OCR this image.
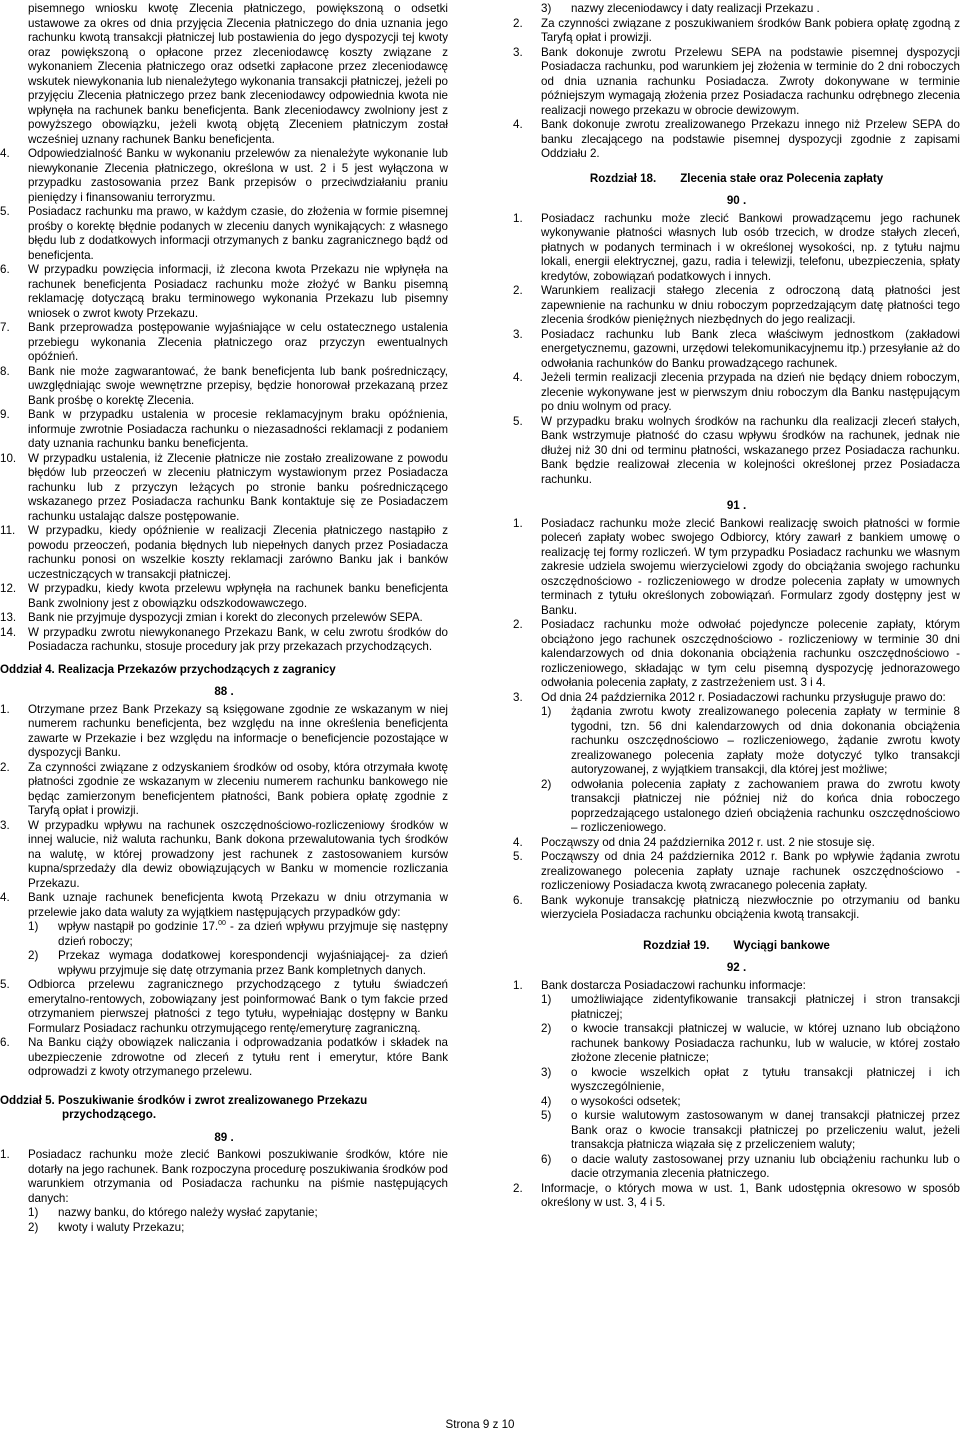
pisemnego wniosku kwotę Zlecenia płatniczego, powiększoną o odsetki ustawowe za okres od dnia przyjęcia Zlecenia płatniczego do dnia uznania jego rachunku kwotą transakcji płatniczej lub postawienia do jego dyspozycji tej kwoty oraz powiększoną o opłacone przez zleceniodawcę koszty związane z wykonaniem Zlecenia płatniczego oraz odsetki zapłacone przez zleceniodawcę wskutek niewykonania lub nienależytego wykonania transakcji płatniczej, jeżeli po przyjęciu Zlecenia płatniczego przez bank zleceniodawcy odpowiednia kwota nie wpłynęła na rachunek banku beneficjenta. Bank zleceniodawcy zwolniony jest z powyższego obowiązku, jeżeli kwotą objętą Zleceniem płatniczym został wcześniej uznany rachunek Banku beneficjenta.

4. Odpowiedzialność Banku w wykonaniu przelewów za nienależyte wykonanie lub niewykonanie Zlecenia płatniczego, określona w ust. 2 i 5 jest wyłączona w przypadku zastosowania przez Bank przepisów o przeciwdziałaniu praniu pieniędzy i finansowaniu terroryzmu.
5. Posiadacz rachunku ma prawo, w każdym czasie, do złożenia w formie pisemnej prośby o korektę błędnie podanych w zleceniu danych wynikających: z własnego błędu lub z dodatkowych informacji otrzymanych z banku zagranicznego bądź od beneficjenta.
6. W przypadku powzięcia informacji, iż zlecona kwota Przekazu nie wpłynęła na rachunek beneficjenta Posiadacz rachunku może złożyć w Banku pisemną reklamację dotyczącą braku terminowego wykonania Przekazu lub pisemny wniosek o zwrot kwoty Przekazu.
7. Bank przeprowadza postępowanie wyjaśniające w celu ostatecznego ustalenia przebiegu wykonania Zlecenia płatniczego oraz przyczyn ewentualnych opóźnień.
8. Bank nie może zagwarantować, że bank beneficjenta lub bank pośredniczący, uwzględniając swoje wewnętrzne przepisy, będzie honorował przekazaną przez Bank prośbę o korektę Zlecenia.
9. Bank w przypadku ustalenia w procesie reklamacyjnym braku opóźnienia, informuje zwrotnie Posiadacza rachunku o niezasadności reklamacji z podaniem daty uznania rachunku banku beneficjenta.
10. W przypadku ustalenia, iż Zlecenie płatnicze nie zostało zrealizowane z powodu błędów lub przeoczeń w zleceniu płatniczym wystawionym przez Posiadacza rachunku lub z przyczyn leżących po stronie banku pośredniczącego wskazanego przez Posiadacza rachunku Bank kontaktuje się ze Posiadaczem rachunku ustalając dalsze postępowanie.
11. W przypadku, kiedy opóźnienie w realizacji Zlecenia płatniczego nastąpiło z powodu przeoczeń, podania błędnych lub niepełnych danych przez Posiadacza rachunku ponosi on wszelkie koszty reklamacji zarówno Banku jak i banków uczestniczących w transakcji płatniczej.
12. W przypadku, kiedy kwota przelewu wpłynęła na rachunek banku beneficjenta Bank zwolniony jest z obowiązku odszkodowawczego.
13. Bank nie przyjmuje dyspozycji zmian i korekt do zleconych przelewów SEPA.
14. W przypadku zwrotu niewykonanego Przekazu Bank, w celu zwrotu środków do Posiadacza rachunku, stosuje procedury jak przy przekazach przychodzących.
Oddział 4. Realizacja Przekazów przychodzących z zagranicy
88 .
1. Otrzymane przez Bank Przekazy są księgowane zgodnie ze wskazanym w niej numerem rachunku beneficjenta, bez względu na inne określenia beneficjenta zawarte w Przekazie i bez względu na informacje o beneficjencie pozostające w dyspozycji Banku.
2. Za czynności związane z odzyskaniem środków od osoby, która otrzymała kwotę płatności zgodnie ze wskazanym w zleceniu numerem rachunku bankowego nie będąc zamierzonym beneficjentem płatności, Bank pobiera opłatę zgodnie z Taryfą opłat i prowizji.
3. W przypadku wpływu na rachunek oszczędnościowo-rozliczeniowy środków w innej walucie, niż waluta rachunku, Bank dokona przewalutowania tych środków na walutę, w której prowadzony jest rachunek z zastosowaniem kursów kupna/sprzedaży dla dewiz obowiązujących w Banku w momencie rozliczania Przekazu.
4. Bank uznaje rachunek beneficjenta kwotą Przekazu w dniu otrzymania w przelewie jako data waluty za wyjątkiem następujących przypadków gdy:
1) wpływ nastąpił po godzinie 17.00 - za dzień wpływu przyjmuje się następny dzień roboczy;
2) Przekaz wymaga dodatkowej korespondencji wyjaśniającej- za dzień wpływu przyjmuje się datę otrzymania przez Bank kompletnych danych.
5. Odbiorca przelewu zagranicznego przychodzącego z tytułu świadczeń emerytalno-rentowych, zobowiązany jest poinformować Bank o tym fakcie przed otrzymaniem pierwszej płatności z tego tytułu, wypełniając dostępny w Banku Formularz Posiadacz rachunku otrzymującego rentę/emeryturę zagraniczną.
6. Na Banku ciąży obowiązek naliczania i odprowadzania podatków i składek na ubezpieczenie zdrowotne od zleceń z tytułu rent i emerytur, które Bank odprowadzi z kwoty otrzymanego przelewu.
Oddział 5. Poszukiwanie środków i zwrot zrealizowanego Przekazu
przychodzącego.
89 .
1. Posiadacz rachunku może zlecić Bankowi poszukiwanie środków, które nie dotarły na jego rachunek. Bank rozpoczyna procedurę poszukiwania środków pod warunkiem otrzymania od Posiadacza rachunku na piśmie następujących danych:
1) nazwy banku, do którego należy wysłać zapytanie;
2) kwoty i waluty Przekazu;
3) nazwy zleceniodawcy i daty realizacji Przekazu .
2. Za czynności związane z poszukiwaniem środków Bank pobiera opłatę zgodną z Taryfą opłat i prowizji.
3. Bank dokonuje zwrotu Przelewu SEPA na podstawie pisemnej dyspozycji Posiadacza rachunku, pod warunkiem jej złożenia w terminie do 2 dni roboczych od dnia uznania rachunku Posiadacza. Zwroty dokonywane w terminie późniejszym wymagają złożenia przez Posiadacza rachunku odrębnego zlecenia realizacji nowego przekazu w obrocie dewizowym.
4. Bank dokonuje zwrotu zrealizowanego Przekazu innego niż Przelew SEPA do banku zlecającego na podstawie pisemnej dyspozycji zgodnie z zapisami Oddziału 2.
Rozdział 18. Zlecenia stałe oraz Polecenia zapłaty
90 .
1. Posiadacz rachunku może zlecić Bankowi prowadzącemu jego rachunek wykonywanie płatności własnych lub osób trzecich, w drodze stałych zleceń, płatnych w podanych terminach i w określonej wysokości, np. z tytułu najmu lokali, energii elektrycznej, gazu, radia i telewizji, telefonu, ubezpieczenia, spłaty kredytów, zobowiązań podatkowych i innych.
2. Warunkiem realizacji stałego zlecenia z odroczoną datą płatności jest zapewnienie na rachunku w dniu roboczym poprzedzającym datę płatności tego zlecenia środków pieniężnych niezbędnych do jego realizacji.
3. Posiadacz rachunku lub Bank zleca właściwym jednostkom (zakładowi energetycznemu, gazowni, urzędowi telekomunikacyjnemu itp.) przesyłanie aż do odwołania rachunków do Banku prowadzącego rachunek.
4. Jeżeli termin realizacji zlecenia przypada na dzień nie będący dniem roboczym, zlecenie wykonywane jest w pierwszym dniu roboczym dla Banku następującym po dniu wolnym od pracy.
5. W przypadku braku wolnych środków na rachunku dla realizacji zleceń stałych, Bank wstrzymuje płatność do czasu wpływu środków na rachunek, jednak nie dłużej niż 30 dni od terminu płatności, wskazanego przez Posiadacza rachunku. Bank będzie realizował zlecenia w kolejności określonej przez Posiadacza rachunku.
91 .
1. Posiadacz rachunku może zlecić Bankowi realizację swoich płatności w formie poleceń zapłaty wobec swojego Odbiorcy, który zawarł z bankiem umowę o realizację tej formy rozliczeń. W tym przypadku Posiadacz rachunku we własnym zakresie udziela swojemu wierzycielowi zgody do obciążania swojego rachunku oszczędnościowo - rozliczeniowego w drodze polecenia zapłaty w umownych terminach z tytułu określonych zobowiązań. Formularz zgody dostępny jest w Banku.
2. Posiadacz rachunku może odwołać pojedyncze polecenie zapłaty, którym obciążono jego rachunek oszczędnościowo - rozliczeniowy w terminie 30 dni kalendarzowych od dnia dokonania obciążenia rachunku oszczędnościowo - rozliczeniowego, składając w tym celu pisemną dyspozycję jednorazowego odwołania polecenia zapłaty, z zastrzeżeniem ust. 3 i 4.
3. Od dnia 24 października 2012 r. Posiadaczowi rachunku przysługuje prawo do:
1) żądania zwrotu kwoty zrealizowanego polecenia zapłaty w terminie 8 tygodni, tzn. 56 dni kalendarzowych od dnia dokonania obciążenia rachunku oszczędnościowo – rozliczeniowego, żądanie zwrotu kwoty zrealizowanego polecenia zapłaty może dotyczyć tylko transakcji autoryzowanej, z wyjątkiem transakcji, dla której jest możliwe;
2) odwołania polecenia zapłaty z zachowaniem prawa do zwrotu kwoty transakcji płatniczej nie później niż do końca dnia roboczego poprzedzającego ustalonego dzień obciążenia rachunku oszczędnościowo – rozliczeniowego.
4. Począwszy od dnia 24 października 2012 r. ust. 2 nie stosuje się.
5. Począwszy od dnia 24 października 2012 r. Bank po wpływie żądania zwrotu zrealizowanego polecenia zapłaty uznaje rachunek oszczędnościowo - rozliczeniowy Posiadacza kwotą zwracanego polecenia zapłaty.
6. Bank wykonuje transakcję płatniczą niezwłocznie po otrzymaniu od banku wierzyciela Posiadacza rachunku obciążenia kwotą transakcji.
Rozdział 19. Wyciągi bankowe
92 .
1. Bank dostarcza Posiadaczowi rachunku informacje:
1) umożliwiające zidentyfikowanie transakcji płatniczej i stron transakcji płatniczej;
2) o kwocie transakcji płatniczej w walucie, w której uznano lub obciążono rachunek bankowy Posiadacza rachunku, lub w walucie, w której zostało złożone zlecenie płatnicze;
3) o kwocie wszelkich opłat z tytułu transakcji płatniczej i ich wyszczególnienie,
4) o wysokości odsetek;
5) o kursie walutowym zastosowanym w danej transakcji płatniczej przez Bank oraz o kwocie transakcji płatniczej po przeliczeniu walut, jeżeli transakcja płatnicza wiązała się z przeliczeniem waluty;
6) o dacie waluty zastosowanej przy uznaniu lub obciążeniu rachunku lub o dacie otrzymania zlecenia płatniczego.
2. Informacje, o których mowa w ust. 1, Bank udostępnia okresowo w sposób określony w ust. 3, 4 i 5.
Strona 9 z 10
